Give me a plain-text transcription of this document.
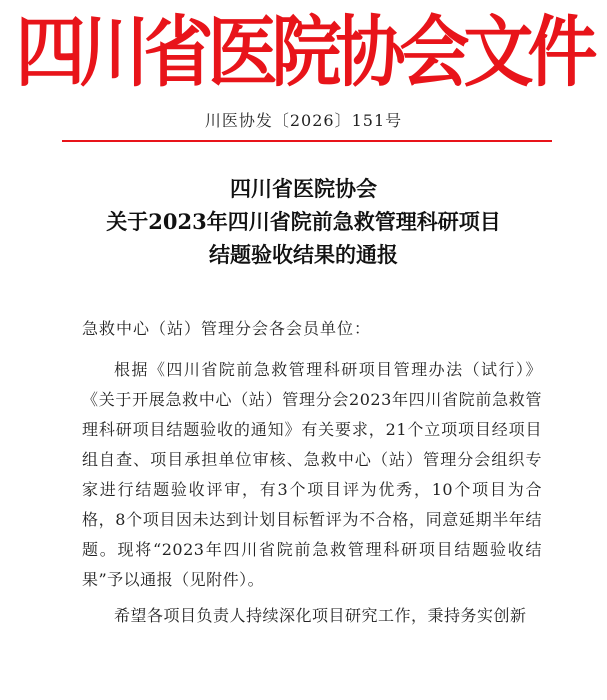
四川省医院协会文件
川医协发〔2026〕151号
四川省医院协会
关于2023年四川省院前急救管理科研项目
结题验收结果的通报
急救中心（站）管理分会各会员单位：

根据《四川省院前急救管理科研项目管理办法（试行）》《关于开展急救中心（站）管理分会2023年四川省院前急救管理科研项目结题验收的通知》有关要求，21个立项项目经项目组自查、项目承担单位审核、急救中心（站）管理分会组织专家进行结题验收评审，有3个项目评为优秀，10个项目为合格，8个项目因未达到计划目标暂评为不合格，同意延期半年结题。现将“2023年四川省院前急救管理科研项目结题验收结果”予以通报（见附件）。

希望各项目负责人持续深化项目研究工作，秉持务实创新
